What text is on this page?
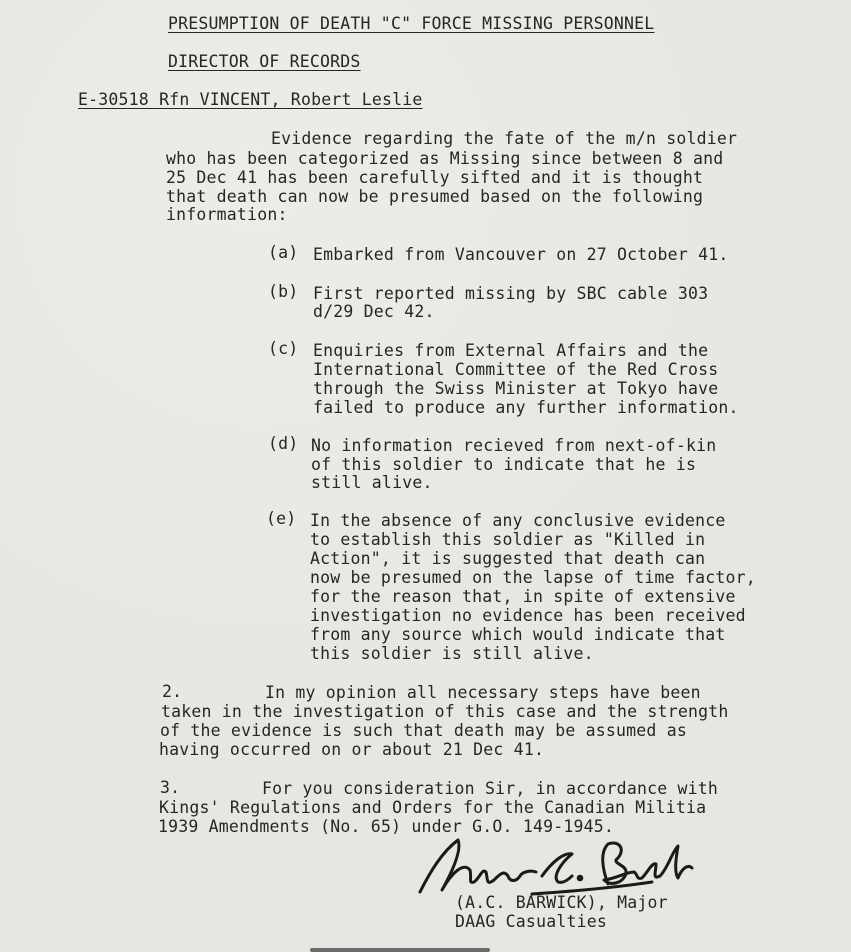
PRESUMPTION OF DEATH "C" FORCE MISSING PERSONNEL
DIRECTOR OF RECORDS
E-30518 Rfn VINCENT, Robert Leslie
Evidence regarding the fate of the m/n soldier
who has been categorized as Missing since between 8 and
25 Dec 41 has been carefully sifted and it is thought
that death can now be presumed based on the following
information:
(a) Embarked from Vancouver on 27 October 41.
(b) First reported missing by SBC cable 303
d/29 Dec 42.
(c) Enquiries from External Affairs and the
International Committee of the Red Cross
through the Swiss Minister at Tokyo have
failed to produce any further information.
(d) No information recieved from next-of-kin
of this soldier to indicate that he is
still alive.
(e) In the absence of any conclusive evidence
to establish this soldier as "Killed in
Action", it is suggested that death can
now be presumed on the lapse of time factor,
for the reason that, in spite of extensive
investigation no evidence has been received
from any source which would indicate that
this soldier is still alive.
2.	In my opinion all necessary steps have been
taken in the investigation of this case and the strength
of the evidence is such that death may be assumed as
having occurred on or about 21 Dec 41.
3.	For you consideration Sir, in accordance with
Kings' Regulations and Orders for the Canadian Militia
1939 Amendments (No. 65) under G.O. 149-1945.
(A.C. BARWICK), Major
DAAG Casualties
